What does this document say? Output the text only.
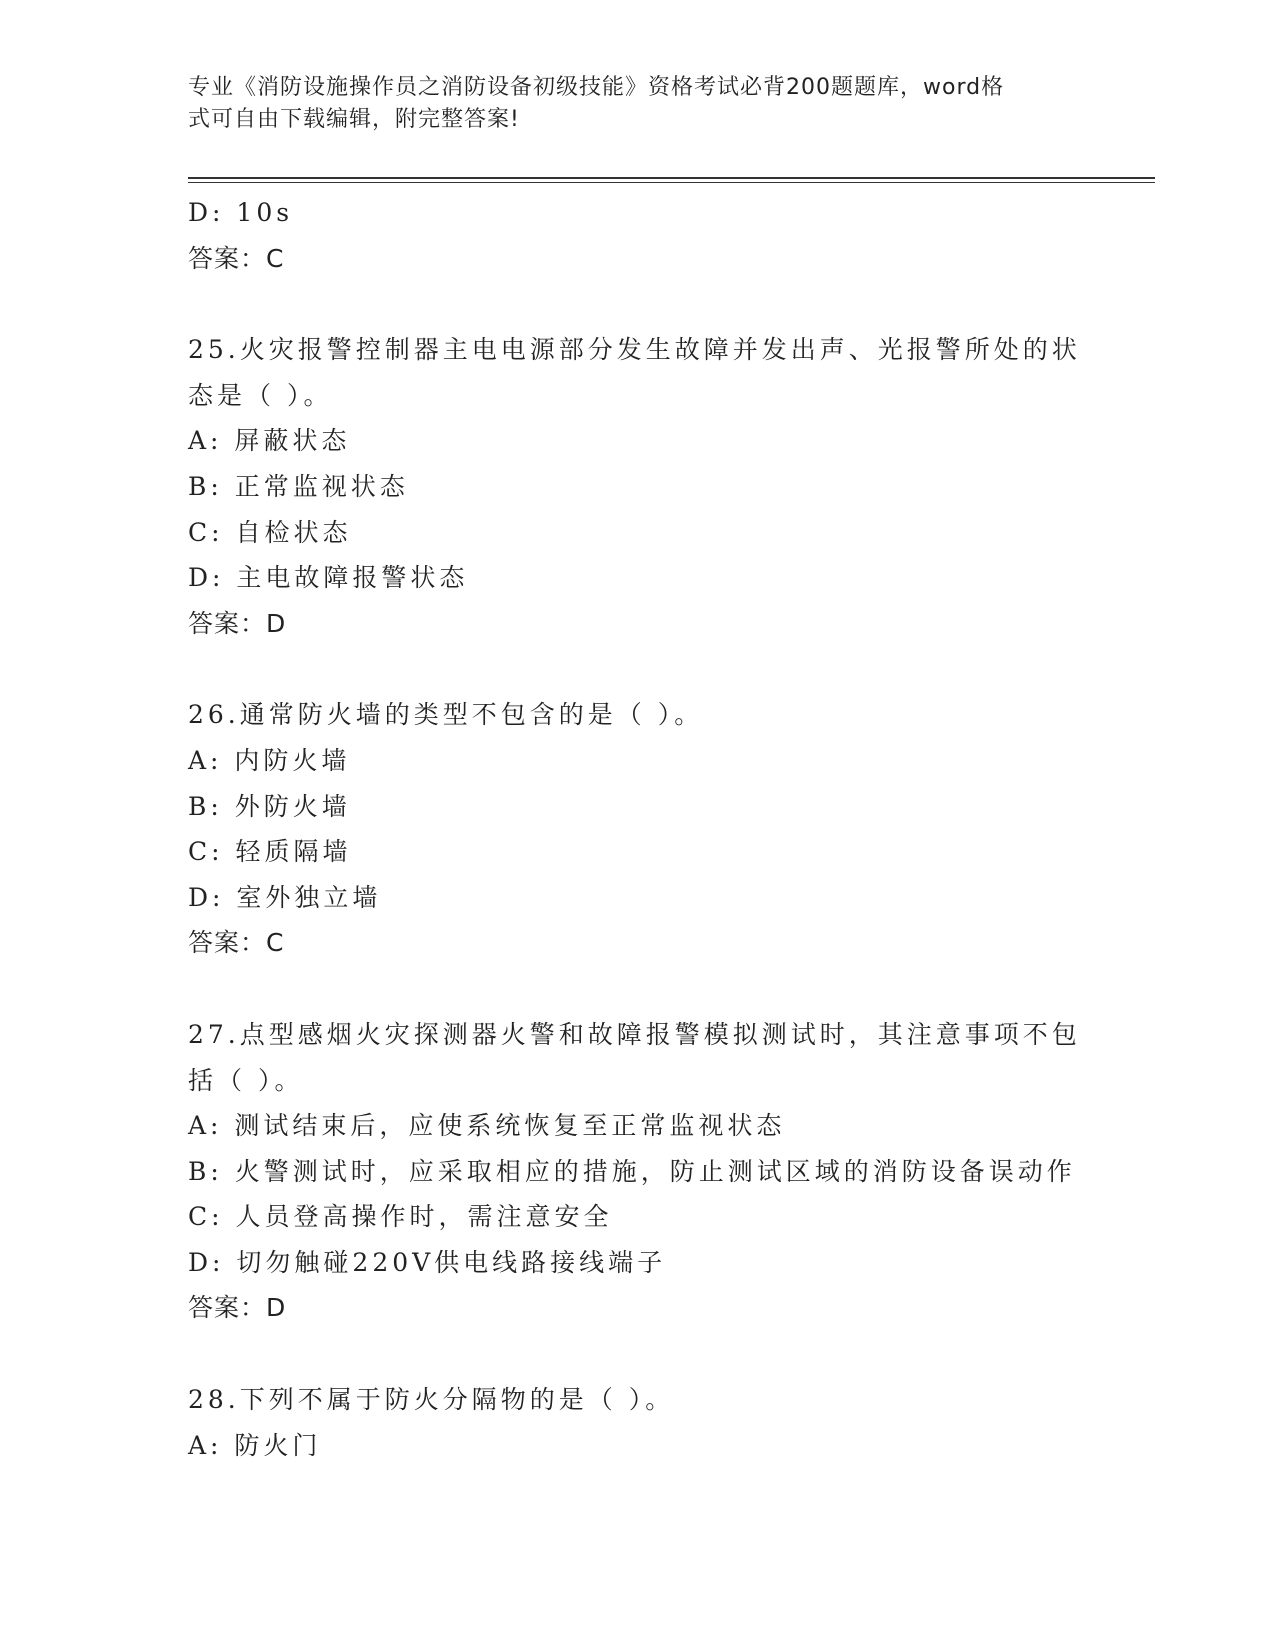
专业《消防设施操作员之消防设备初级技能》资格考试必背200题题库，word格
式可自由下载编辑，附完整答案!
D: 10s
答案：C
25.火灾报警控制器主电电源部分发生故障并发出声、光报警所处的状
态是（ ）。
A: 屏蔽状态
B: 正常监视状态
C: 自检状态
D: 主电故障报警状态
答案：D
26.通常防火墙的类型不包含的是（ ）。
A: 内防火墙
B: 外防火墙
C: 轻质隔墙
D: 室外独立墙
答案：C
27.点型感烟火灾探测器火警和故障报警模拟测试时，其注意事项不包
括（ ）。
A: 测试结束后，应使系统恢复至正常监视状态
B: 火警测试时，应采取相应的措施，防止测试区域的消防设备误动作
C: 人员登高操作时，需注意安全
D: 切勿触碰220V供电线路接线端子
答案：D
28.下列不属于防火分隔物的是（ ）。
A: 防火门
